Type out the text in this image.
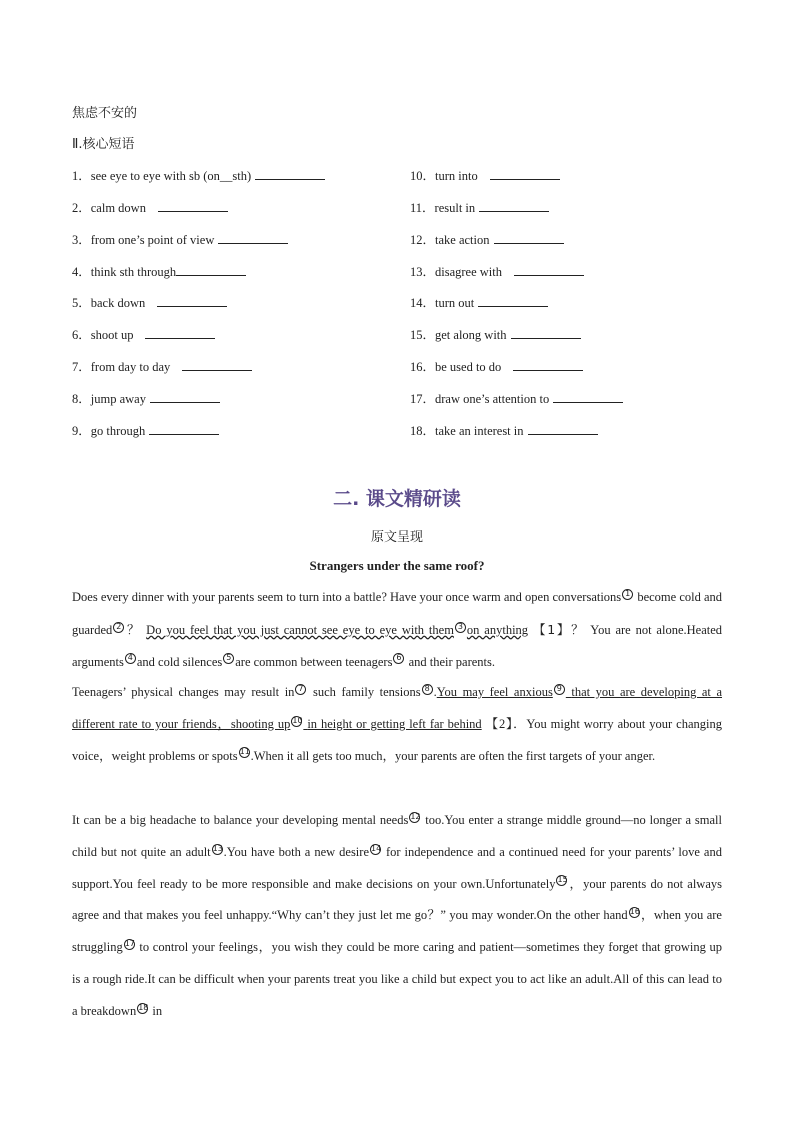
焦虑不安的
Ⅱ.核心短语
1．see eye to eye with sb (on__sth)
2．calm down
3．from one’s point of view
4．think sth through
5．back down
6．shoot up
7．from day to day
8．jump away
9．go through
10．turn into
11．result in
12．take action
13．disagree with
14．turn out
15．get along with
16．be used to do
17．draw one’s attention to
18．take an interest in
二. 课文精研读
原文呈现
Strangers under the same roof?
Does every dinner with your parents seem to turn into a battle? Have your once warm and open conversations 1 become cold and guarded 2 ？ Do you feel that you just cannot see eye to eye with them 3 on anything 【1】？ You are not alone.Heated arguments 4 and cold silences 5 are common between teenagers 6 and their parents.
Teenagers’ physical changes may result in 7 such family tensions 8 .You may feel anxious 9 that you are developing at a different rate to your friends，shooting up 10 in height or getting left far behind 【2】．You might worry about your changing voice，weight problems or spots 11.When it all gets too much，your parents are often the first targets of your anger.
It can be a big headache to balance your developing mental needs 12 too.You enter a strange middle ground—no longer a small child but not quite an adult 13.You have both a new desire 14 for independence and a continued need for your parents’ love and support.You feel ready to be more responsible and make decisions on your own.Unfortunately 15，your parents do not always agree and that makes you feel unhappy.“Why can’t they just let me go？” you may wonder.On the other hand 16，when you are struggling 17 to control your feelings，you wish they could be more caring and patient—sometimes they forget that growing up is a rough ride.It can be difficult when your parents treat you like a child but expect you to act like an adult.All of this can lead to a breakdown 18 in
